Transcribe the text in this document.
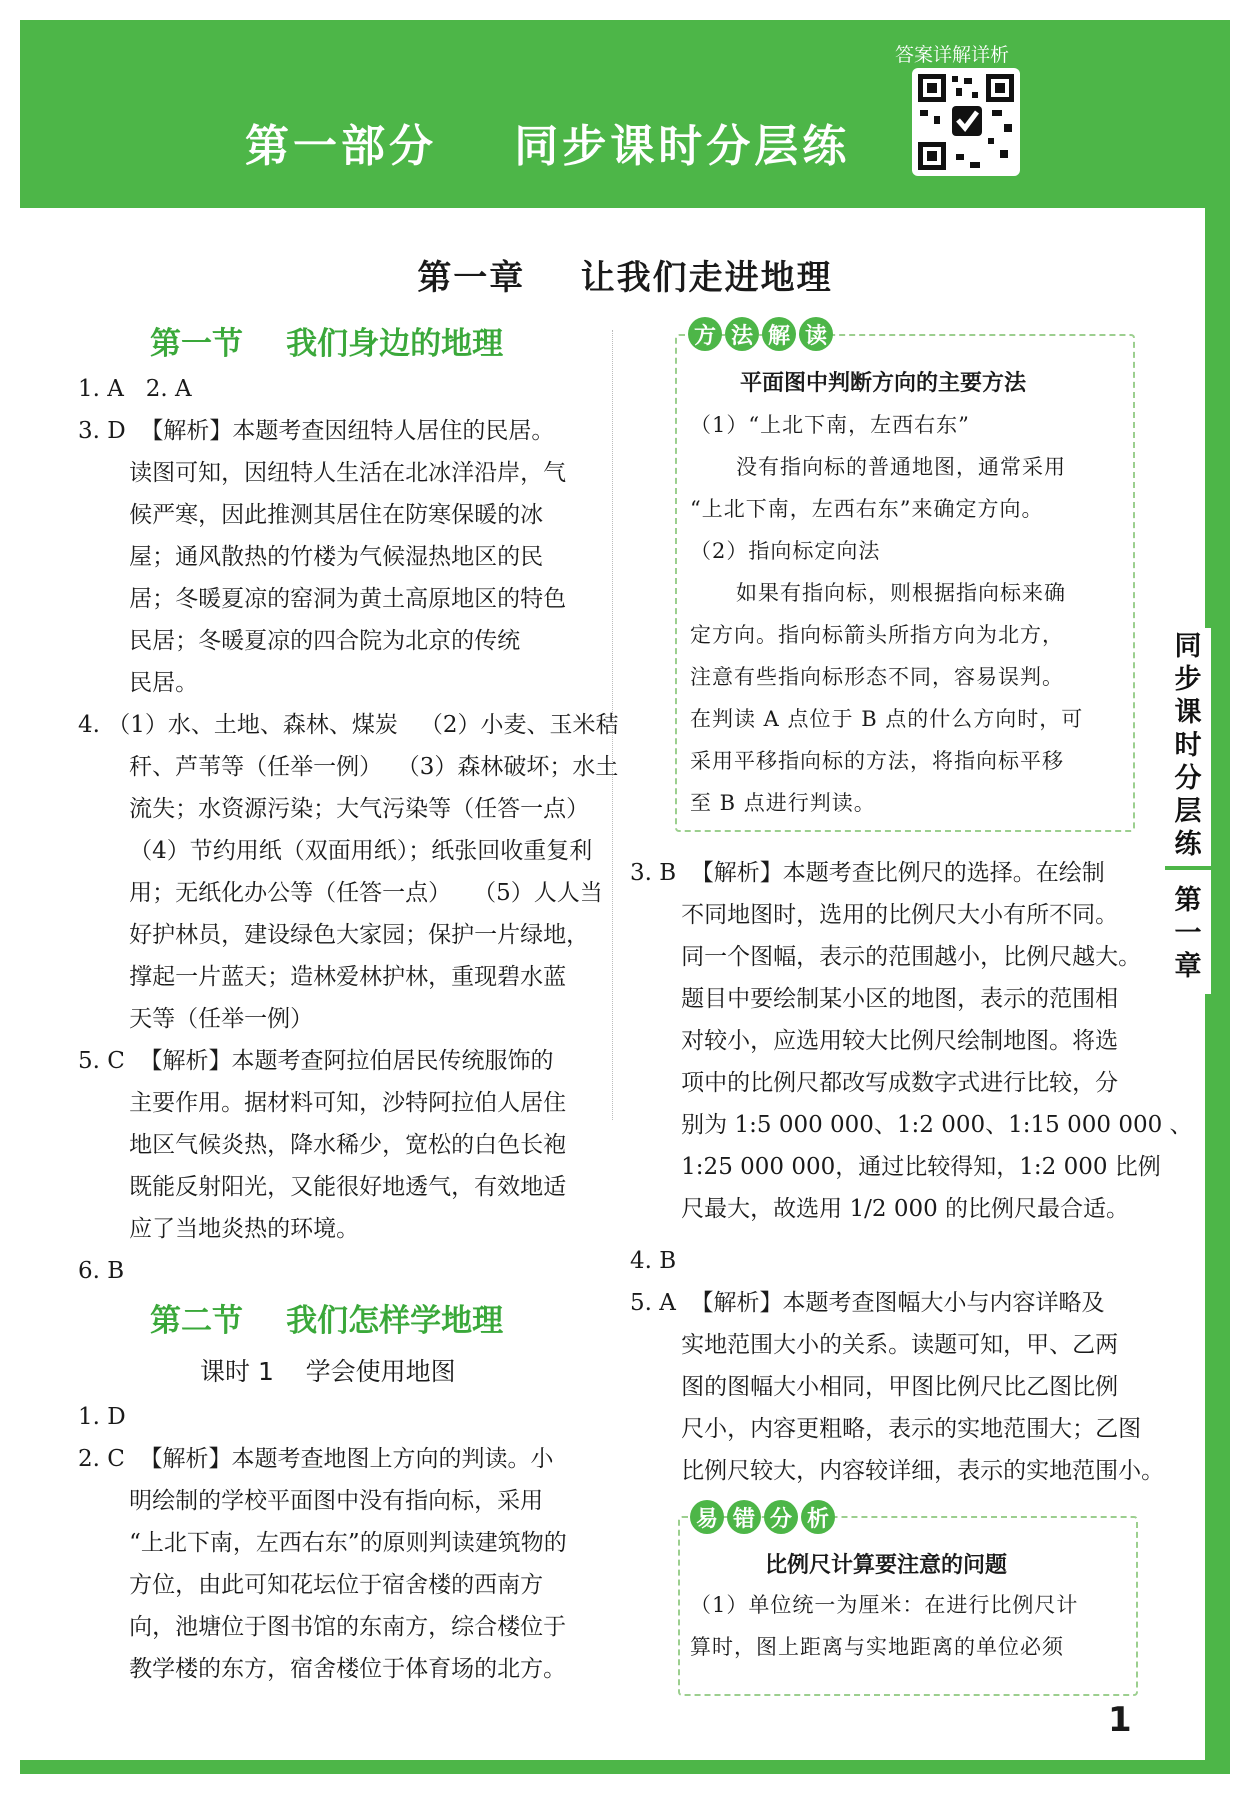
第一部分    同步课时分层练
答案详解详析
同
步
课
时
分
层
练
第
一
章
第一章    让我们走进地理
第一节    我们身边的地理
1. A   2. A
3. D  【解析】本题考查因纽特人居住的民居。
读图可知，因纽特人生活在北冰洋沿岸，气
候严寒，因此推测其居住在防寒保暖的冰
屋；通风散热的竹楼为气候湿热地区的民
居；冬暖夏凉的窑洞为黄土高原地区的特色
民居；冬暖夏凉的四合院为北京的传统
民居。
4. （1）水、土地、森林、煤炭   （2）小麦、玉米秸
秆、芦苇等（任举一例）  （3）森林破坏；水土
流失；水资源污染；大气污染等（任答一点）
（4）节约用纸（双面用纸）；纸张回收重复利
用；无纸化办公等（任答一点）   （5）人人当
好护林员，建设绿色大家园；保护一片绿地，
撑起一片蓝天；造林爱林护林，重现碧水蓝
天等（任举一例）
5. C  【解析】本题考查阿拉伯居民传统服饰的
主要作用。据材料可知，沙特阿拉伯人居住
地区气候炎热，降水稀少，宽松的白色长袍
既能反射阳光，又能很好地透气，有效地适
应了当地炎热的环境。
6. B
第二节    我们怎样学地理
课时 1    学会使用地图
1. D
2. C  【解析】本题考查地图上方向的判读。小
明绘制的学校平面图中没有指向标，采用
“上北下南，左西右东”的原则判读建筑物的
方位，由此可知花坛位于宿舍楼的西南方
向，池塘位于图书馆的东南方，综合楼位于
教学楼的东方，宿舍楼位于体育场的北方。
方 法 解 读
平面图中判断方向的主要方法
（1）“上北下南，左西右东”
没有指向标的普通地图，通常采用
“上北下南，左西右东”来确定方向。
（2）指向标定向法
如果有指向标，则根据指向标来确
定方向。指向标箭头所指方向为北方，
注意有些指向标形态不同，容易误判。
在判读 A 点位于 B 点的什么方向时，可
采用平移指向标的方法，将指向标平移
至 B 点进行判读。
3. B  【解析】本题考查比例尺的选择。在绘制
不同地图时，选用的比例尺大小有所不同。
同一个图幅，表示的范围越小，比例尺越大。
题目中要绘制某小区的地图，表示的范围相
对较小，应选用较大比例尺绘制地图。将选
项中的比例尺都改写成数字式进行比较，分
别为 1:5 000 000、1:2 000、1:15 000 000 、
1:25 000 000，通过比较得知，1:2 000 比例
尺最大，故选用 1/2 000 的比例尺最合适。
4. B
5. A  【解析】本题考查图幅大小与内容详略及
实地范围大小的关系。读题可知，甲、乙两
图的图幅大小相同，甲图比例尺比乙图比例
尺小，内容更粗略，表示的实地范围大；乙图
比例尺较大，内容较详细，表示的实地范围小。
易 错 分 析
比例尺计算要注意的问题
（1）单位统一为厘米：在进行比例尺计
算时，图上距离与实地距离的单位必须
1
